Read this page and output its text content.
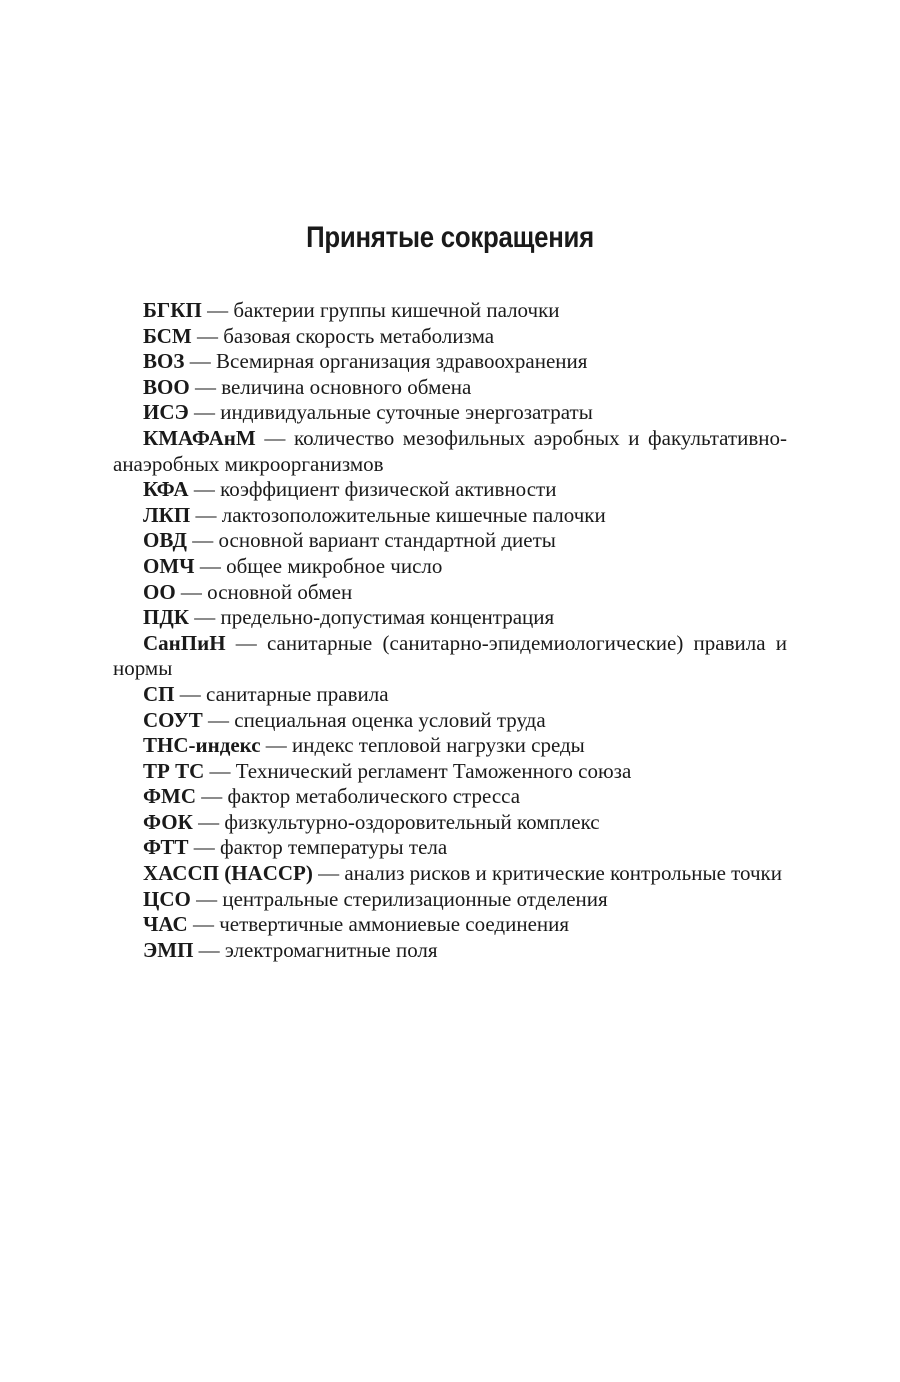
Принятые сокращения
БГКП — бактерии группы кишечной палочки
БСМ — базовая скорость метаболизма
ВОЗ — Всемирная организация здравоохранения
ВОО — величина основного обмена
ИСЭ — индивидуальные суточные энергозатраты
КМАФАнМ — количество мезофильных аэробных и факультативно-анаэробных микроорганизмов
КФА — коэффициент физической активности
ЛКП — лактозоположительные кишечные палочки
ОВД — основной вариант стандартной диеты
ОМЧ — общее микробное число
ОО — основной обмен
ПДК — предельно-допустимая концентрация
СанПиН — санитарные (санитарно-эпидемиологические) правила и нормы
СП — санитарные правила
СОУТ — специальная оценка условий труда
ТНС-индекс — индекс тепловой нагрузки среды
ТР ТС — Технический регламент Таможенного союза
ФМС — фактор метаболического стресса
ФОК — физкультурно-оздоровительный комплекс
ФТТ — фактор температуры тела
ХАССП (HACCP) — анализ рисков и критические контрольные точки
ЦСО — центральные стерилизационные отделения
ЧАС — четвертичные аммониевые соединения
ЭМП — электромагнитные поля
